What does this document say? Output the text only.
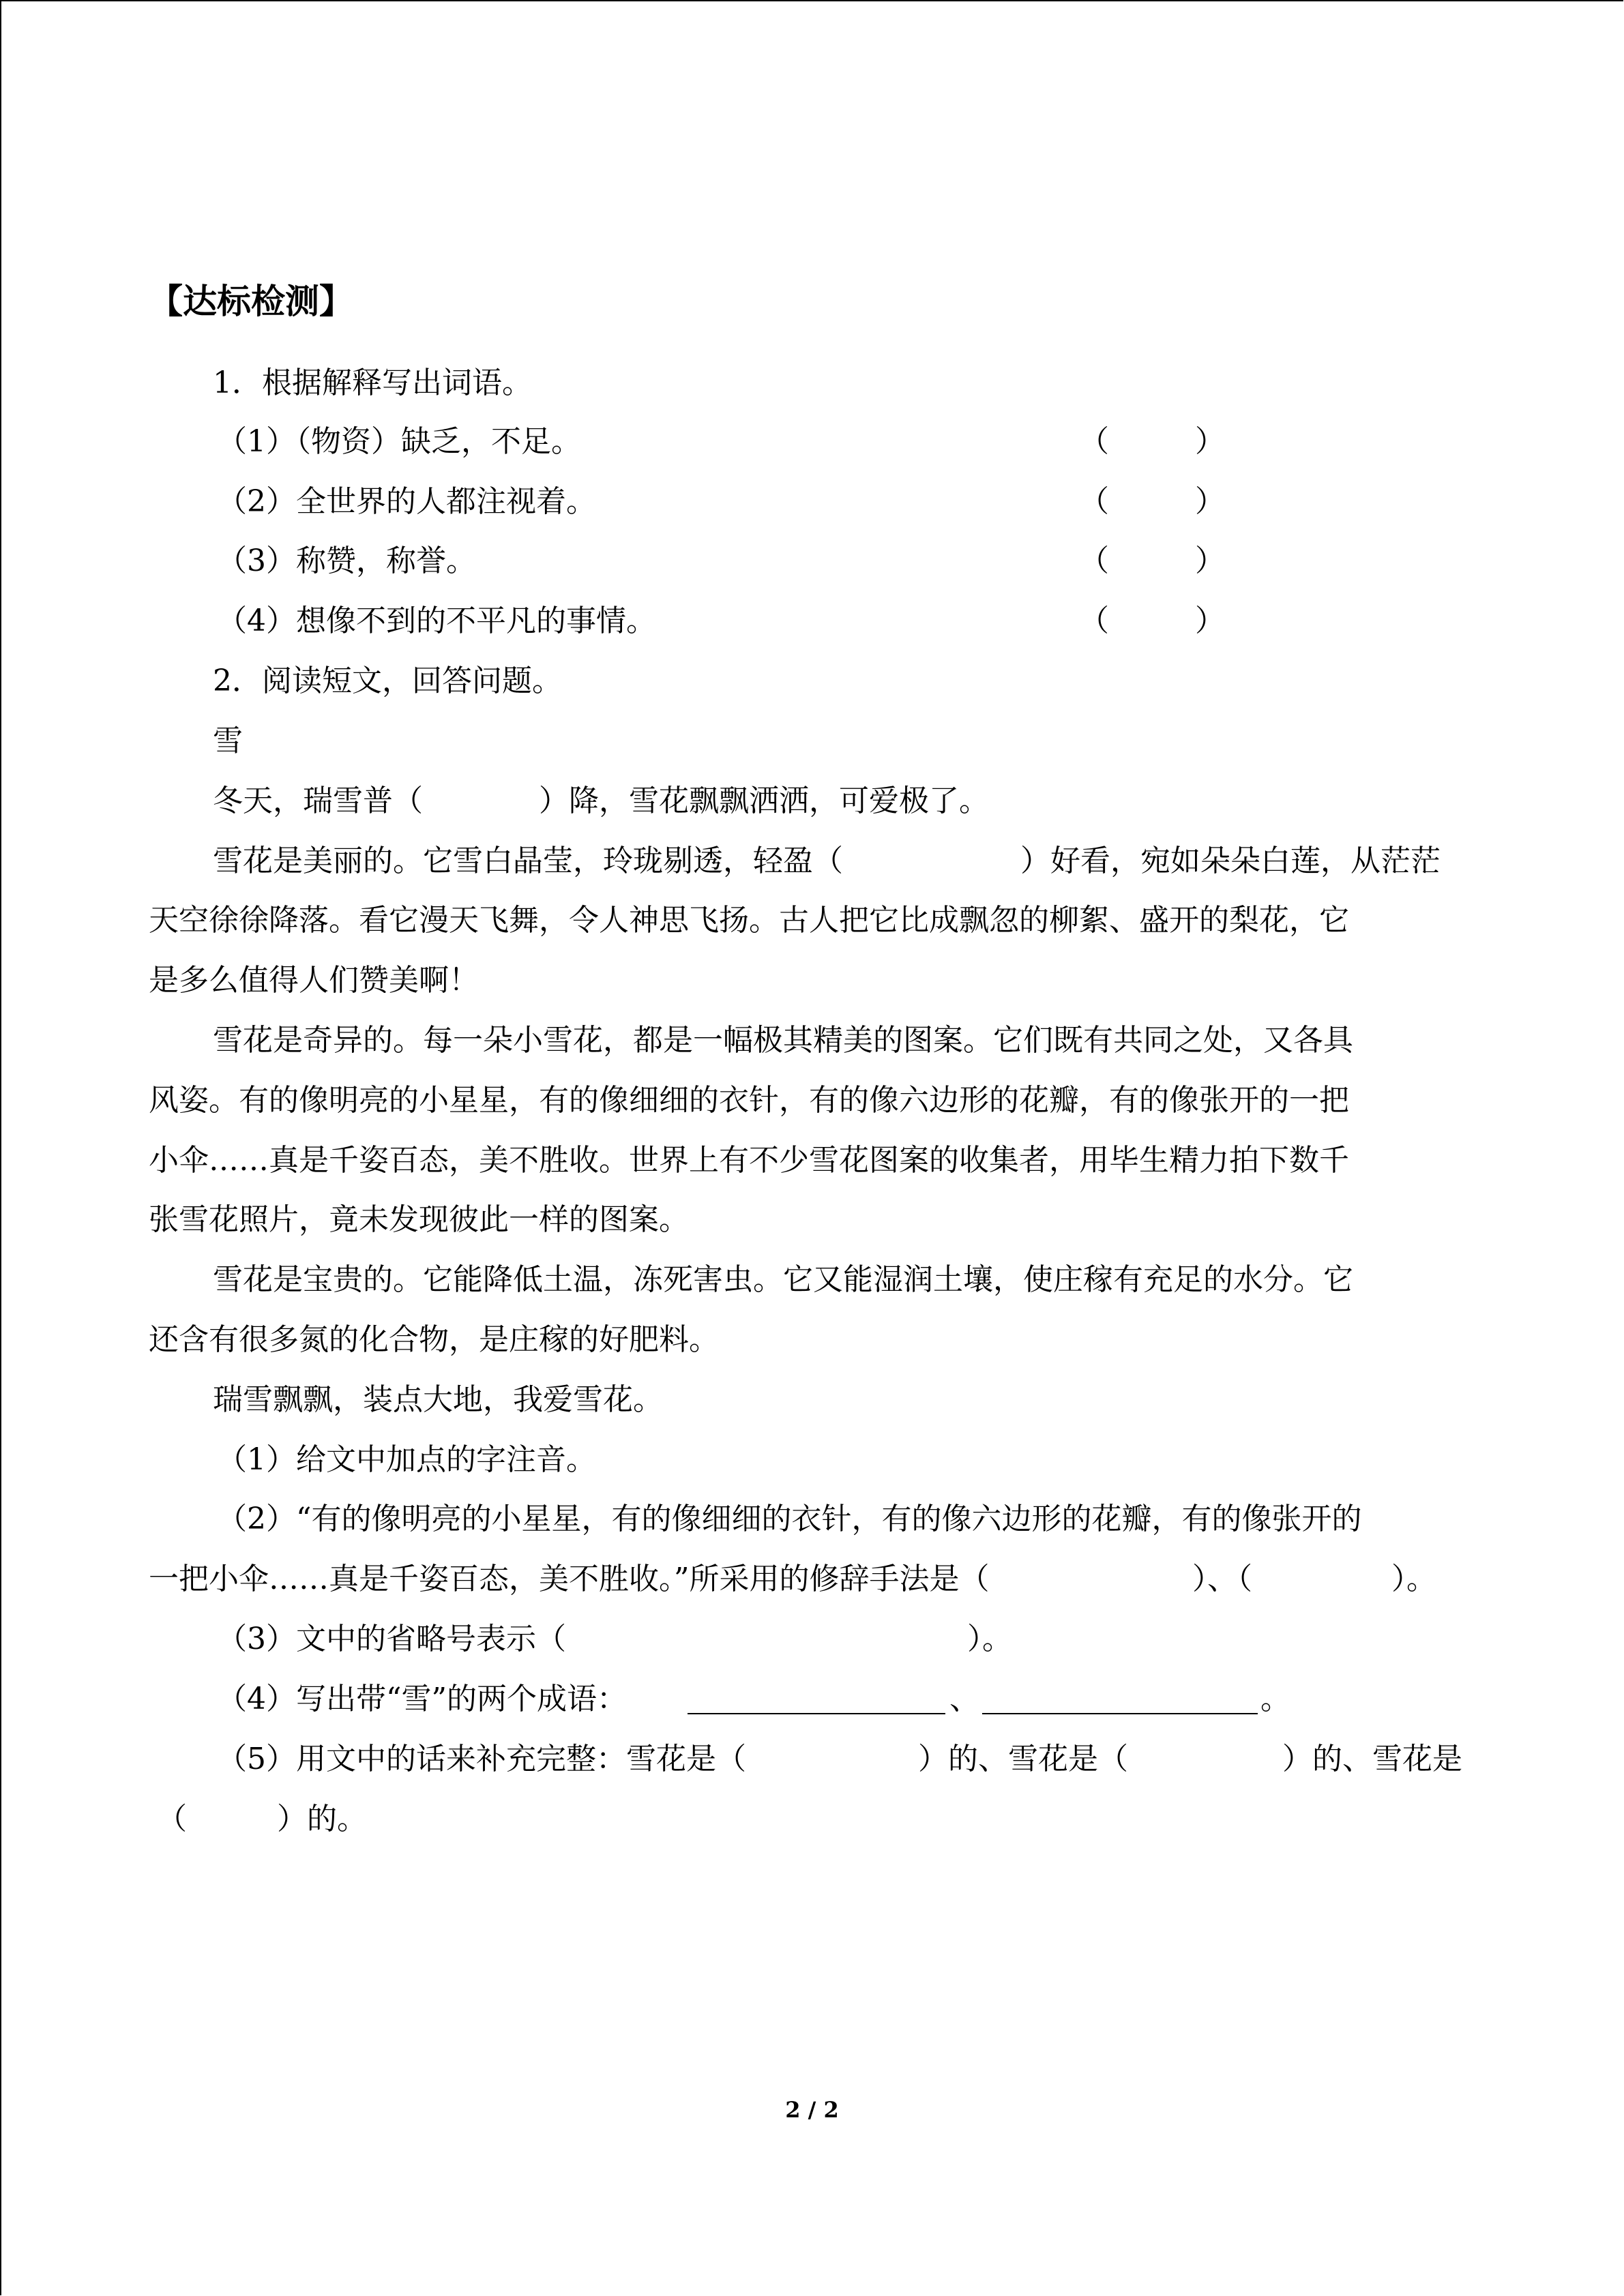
【达标检测】
1．根据解释写出词语。
（1）（物资）缺乏，不足。	（	）
（2）全世界的人都注视着。	（	）
（3）称赞，称誉。	（	）
（4）想像不到的不平凡的事情。	（	）
2．阅读短文，回答问题。
雪
冬天，瑞雪普（	）降，雪花飘飘洒洒，可爱极了。
雪花是美丽的。它雪白晶莹，玲珑剔透，轻盈（	）好看，宛如朵朵白莲，从茫茫
天空徐徐降落。看它漫天飞舞，令人神思飞扬。古人把它比成飘忽的柳絮、盛开的梨花，它
是多么值得人们赞美啊！
雪花是奇异的。每一朵小雪花，都是一幅极其精美的图案。它们既有共同之处，又各具
风姿。有的像明亮的小星星，有的像细细的衣针，有的像六边形的花瓣，有的像张开的一把
小伞……真是千姿百态，美不胜收。世界上有不少雪花图案的收集者，用毕生精力拍下数千
张雪花照片，竟未发现彼此一样的图案。
雪花是宝贵的。它能降低土温，冻死害虫。它又能湿润土壤，使庄稼有充足的水分。它
还含有很多氮的化合物，是庄稼的好肥料。
瑞雪飘飘，装点大地，我爱雪花。
（1）给文中加点的字注音。
（2）“有的像明亮的小星星，有的像细细的衣针，有的像六边形的花瓣，有的像张开的
一把小伞……真是千姿百态，美不胜收。”所采用的修辞手法是（	）、（	）。
（3）文中的省略号表示（	）。
（4）写出带“雪”的两个成语：	、	。
（5）用文中的话来补充完整：雪花是（	）的、雪花是（	）的、雪花是
（	）的。
2 / 2
